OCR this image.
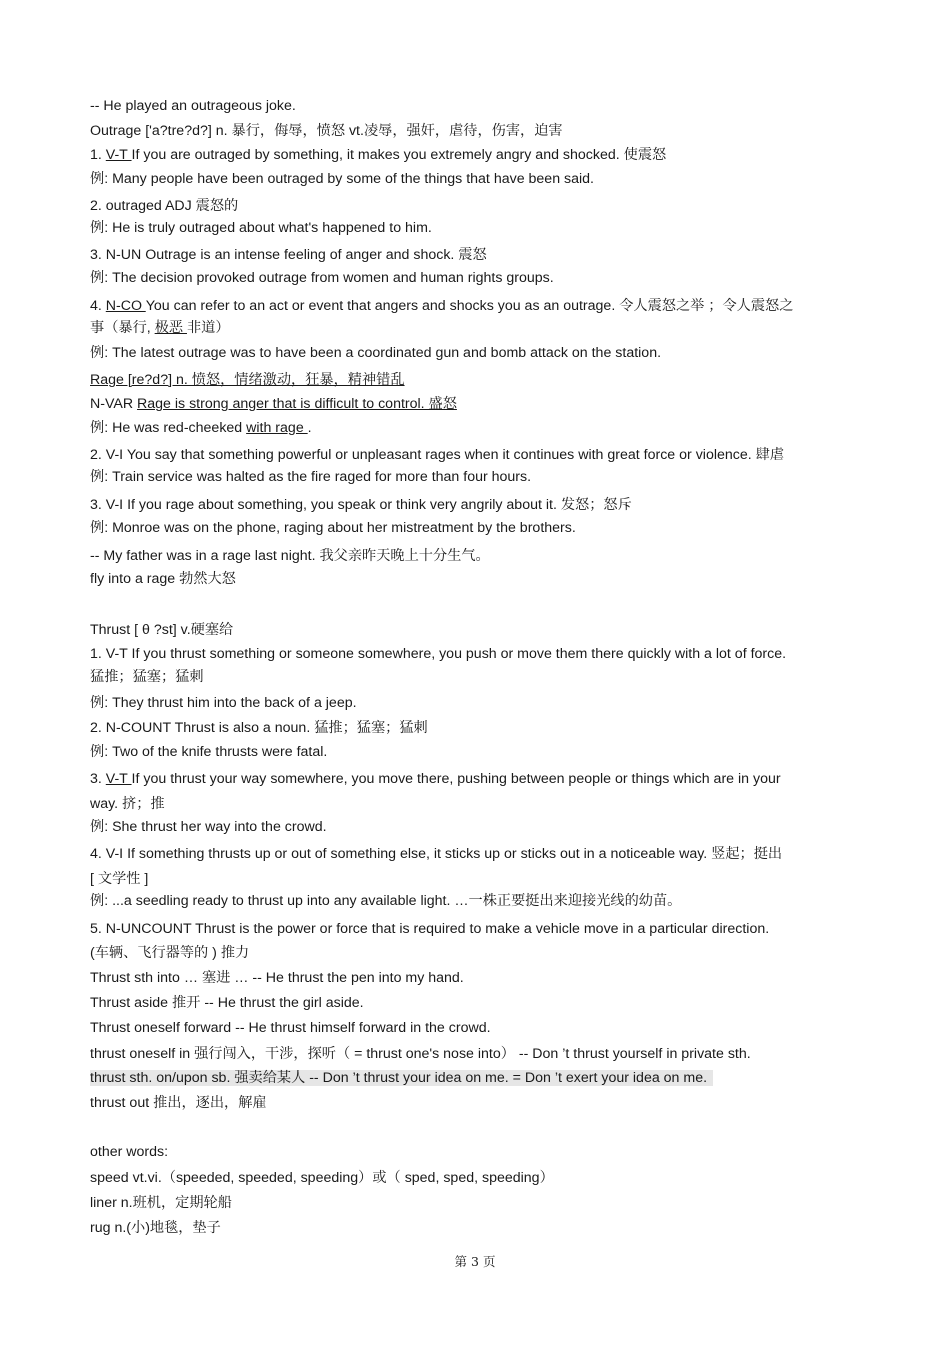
-- He played an outrageous joke.
Outrage ['a?tre?d?] n. 暴行，侮辱，愤怒 vt.凌辱，强奸，虐待，伤害，迫害
1. V-T If you are outraged by something, it makes you extremely angry and shocked. 使震怒
例: Many people have been outraged by some of the things that have been said.
2. outraged ADJ 震怒的
例: He is truly outraged about what's happened to him.
3. N-UN Outrage is an intense feeling of anger and shock. 震怒
例: The decision provoked outrage from women and human rights groups.
4. N-CO You can refer to an act or event that angers and shocks you as an outrage. 令人震怒之举 ；令人震怒之
事（暴行, 极恶 非道）
例: The latest outrage was to have been a coordinated gun and bomb attack on the station.
Rage [re?d?] n. 愤怒，情绪激动，狂暴，精神错乱
N-VAR Rage is strong anger that is difficult to control. 盛怒
例: He was red-cheeked with rage .
2. V-I You say that something powerful or unpleasant rages when it continues with great force or violence. 肆虐
例: Train service was halted as the fire raged for more than four hours.
3. V-I If you rage about something, you speak or think very angrily about it. 发怒；怒斥
例: Monroe was on the phone, raging about her mistreatment by the brothers.
-- My father was in a rage last night. 我父亲昨天晚上十分生气。
fly into a rage 勃然大怒
Thrust [ θ ?st] v.硬塞给
1. V-T If you thrust something or someone somewhere, you push or move them there quickly with a lot of force.
猛推；猛塞；猛刺
例: They thrust him into the back of a jeep.
2. N-COUNT Thrust is also a noun. 猛推；猛塞；猛刺
例: Two of the knife thrusts were fatal.
3. V-T If you thrust your way somewhere, you move there, pushing between people or things which are in your
way. 挤；推
例: She thrust her way into the crowd.
4. V-I If something thrusts up or out of something else, it sticks up or sticks out in a noticeable way. 竖起；挺出
[ 文学性 ]
例: ...a seedling ready to thrust up into any available light. …一株正要挺出来迎接光线的幼苗。
5. N-UNCOUNT Thrust is the power or force that is required to make a vehicle move in a particular direction.
(车辆、飞行器等的 ) 推力
Thrust sth into … 塞进 … -- He thrust the pen into my hand.
Thrust aside 推开 -- He thrust the girl aside.
Thrust oneself forward -- He thrust himself forward in the crowd.
thrust oneself in 强行闯入，干涉，探听（ = thrust one's nose into） -- Don ’t thrust yourself in private sth.
thrust sth. on/upon sb. 强卖给某人 -- Don ’t thrust your idea on me. = Don ’t exert your idea on me.
thrust out 推出，逐出，解雇
other words:
speed vt.vi.（speeded, speeded, speeding）或（ sped, sped, speeding）
liner n.班机，定期轮船
rug n.(小)地毯，垫子
第 3 页
